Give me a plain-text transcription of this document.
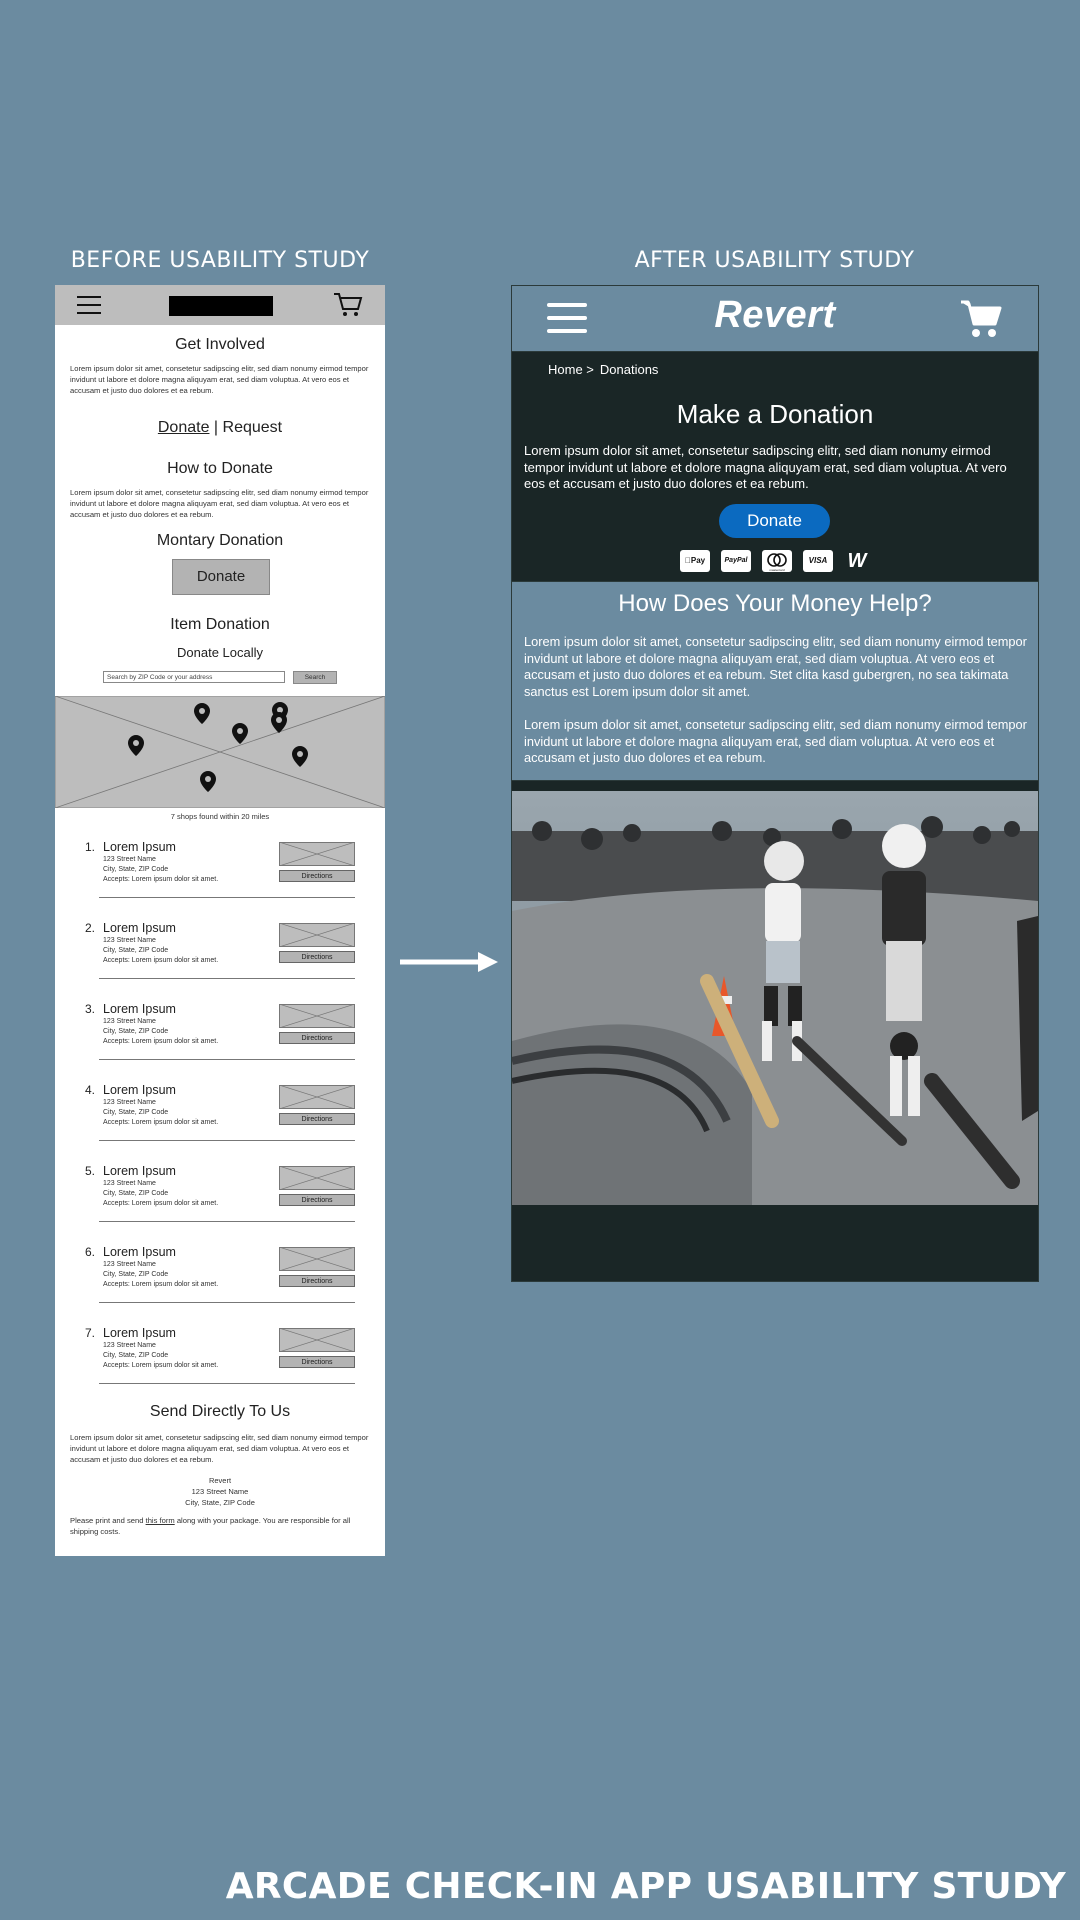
BEFORE USABILITY STUDY	AFTER USABILITY STUDY
Get Involved
Lorem ipsum dolor sit amet, consetetur sadipscing elitr, sed diam nonumy eirmod tempor invidunt ut labore et dolore magna aliquyam erat, sed diam voluptua. At vero eos et accusam et justo duo dolores et ea rebum.
Donate | Request
How to Donate
Lorem ipsum dolor sit amet, consetetur sadipscing elitr, sed diam nonumy eirmod tempor invidunt ut labore et dolore magna aliquyam erat, sed diam voluptua. At vero eos et accusam et justo duo dolores et ea rebum.
Montary Donation
Donate
Item Donation
Donate Locally
Search by ZIP Code or your address	Search
7 shops found within 20 miles
1. Lorem Ipsum
123 Street Name
City, State, ZIP Code
Accepts: Lorem ipsum dolor sit amet.	Directions
2. Lorem Ipsum
123 Street Name
City, State, ZIP Code
Accepts: Lorem ipsum dolor sit amet.	Directions
3. Lorem Ipsum
123 Street Name
City, State, ZIP Code
Accepts: Lorem ipsum dolor sit amet.	Directions
4. Lorem Ipsum
123 Street Name
City, State, ZIP Code
Accepts: Lorem ipsum dolor sit amet.	Directions
5. Lorem Ipsum
123 Street Name
City, State, ZIP Code
Accepts: Lorem ipsum dolor sit amet.	Directions
6. Lorem Ipsum
123 Street Name
City, State, ZIP Code
Accepts: Lorem ipsum dolor sit amet.	Directions
7. Lorem Ipsum
123 Street Name
City, State, ZIP Code
Accepts: Lorem ipsum dolor sit amet.	Directions
Send Directly To Us
Lorem ipsum dolor sit amet, consetetur sadipscing elitr, sed diam nonumy eirmod tempor invidunt ut labore et dolore magna aliquyam erat, sed diam voluptua. At vero eos et accusam et justo duo dolores et ea rebum.
Revert
123 Street Name
City, State, ZIP Code
Please print and send this form along with your package. You are responsible for all shipping costs.
Revert
Home > Donations
Make a Donation
Lorem ipsum dolor sit amet, consetetur sadipscing elitr, sed diam nonumy eirmod tempor invidunt ut labore et dolore magna aliquyam erat, sed diam voluptua. At vero eos et accusam et justo duo dolores et ea rebum.
Donate
Pay	PayPal
mastercard
VISA W
How Does Your Money Help?
Lorem ipsum dolor sit amet, consetetur sadipscing elitr, sed diam nonumy eirmod tempor invidunt ut labore et dolore magna aliquyam erat, sed diam voluptua. At vero eos et accusam et justo duo dolores et ea rebum. Stet clita kasd gubergren, no sea takimata sanctus est Lorem ipsum dolor sit amet.
Lorem ipsum dolor sit amet, consetetur sadipscing elitr, sed diam nonumy eirmod tempor invidunt ut labore et dolore magna aliquyam erat, sed diam voluptua. At vero eos et accusam et justo duo dolores et ea rebum.
ARCADE CHECK-IN APP USABILITY STUDY
